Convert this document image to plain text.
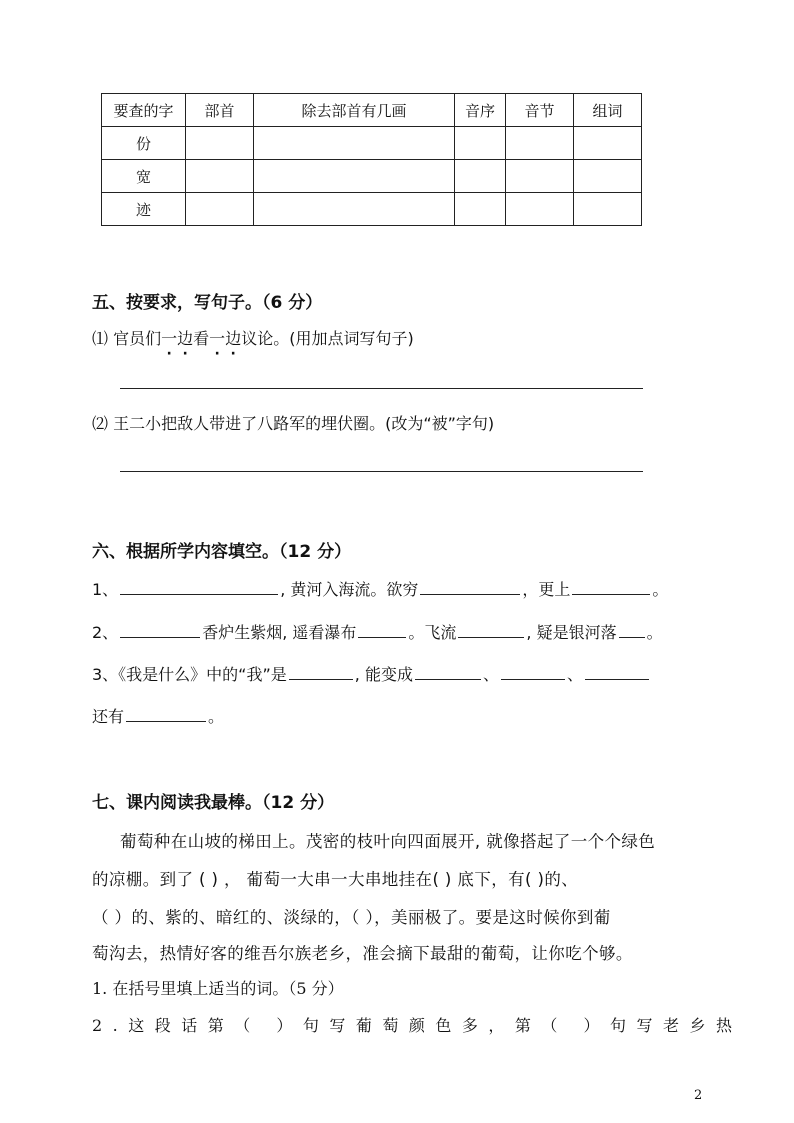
要查的字	部首	除去部首有几画	音序	音节	组词
份					
宽					
迹					
五、按要求，写句子。（6 分）
⑴ 官员们一边看一边议论。(用加点词写句子)
⑵ 王二小把敌人带进了八路军的埋伏圈。(改为“被”字句)
六、根据所学内容填空。（12 分）
1、	, 黄河入海流。欲穷	，更上	。
2、	香炉生紫烟, 遥看瀑布	。飞流	, 疑是银河落 。
3、《我是什么》中的“我”是	, 能变成	、	、
还有	。
七、课内阅读我最棒。（12 分）
葡萄种在山坡的梯田上。茂密的枝叶向四面展开, 就像搭起了一个个绿色
的凉棚。到了 ( ) ， 葡萄一大串一大串地挂在( ) 底下，有( )的、
（ ）的、紫的、暗红的、淡绿的，（ ），美丽极了。要是这时候你到葡
萄沟去，热情好客的维吾尔族老乡，准会摘下最甜的葡萄，让你吃个够。
1. 在括号里填上适当的词。（5 分）
2.这段话第（ ）句写葡萄颜色多，第（ ）句写老乡热
2
